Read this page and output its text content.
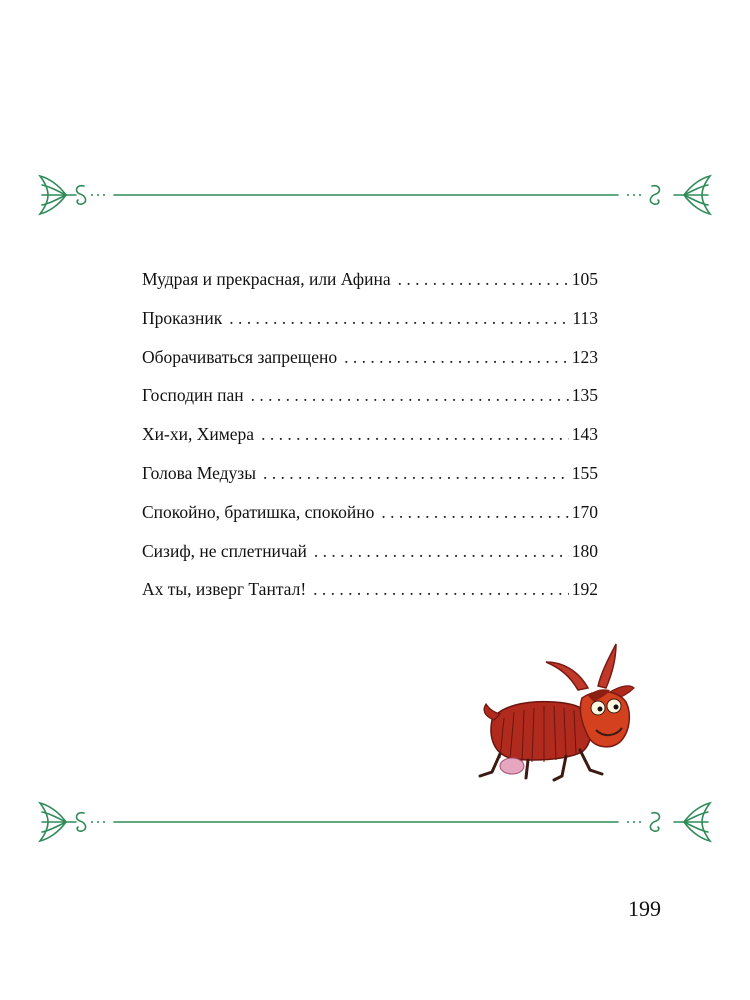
Мудрая и прекрасная, или Афина . . .	105
Проказник . . .	113
Оборачиваться запрещено . . .	123
Господин пан . . .	135
Хи-хи, Химера . . .	143
Голова Медузы . . .	155
Спокойно, братишка, спокойно . . .	170
Сизиф, не сплетничай . . .	180
Ах ты, изверг Тантал! . . .	192
199
